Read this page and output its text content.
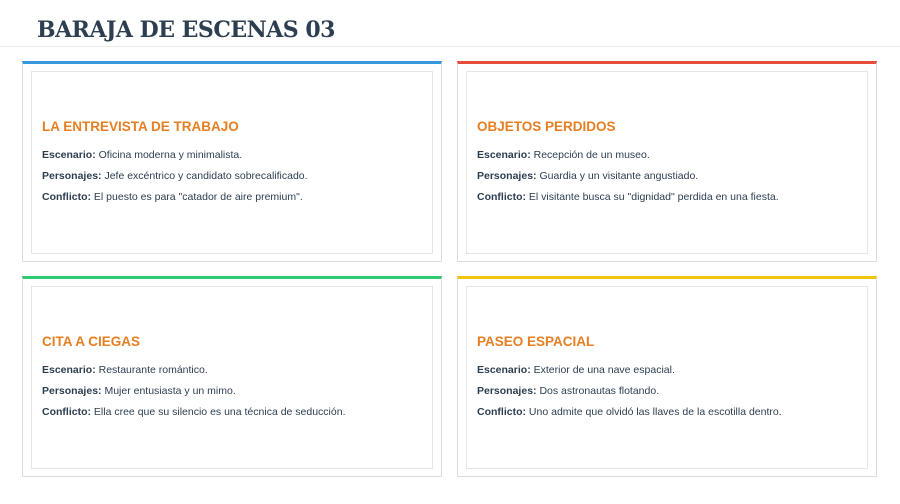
BARAJA DE ESCENAS 03

LA ENTREVISTA DE TRABAJO

Escenario: Oficina moderna y minimalista.

Personajes: Jefe excéntrico y candidato sobrecalificado.

Conflicto: El puesto es para "catador de aire premium".

OBJETOS PERDIDOS

Escenario: Recepción de un museo.

Personajes: Guardia y un visitante angustiado.

Conflicto: El visitante busca su "dignidad" perdida en una fiesta.

CITA A CIEGAS

Escenario: Restaurante romántico.

Personajes: Mujer entusiasta y un mimo.

Conflicto: Ella cree que su silencio es una técnica de seducción.

PASEO ESPACIAL

Escenario: Exterior de una nave espacial.

Personajes: Dos astronautas flotando.

Conflicto: Uno admite que olvidó las llaves de la escotilla dentro.
